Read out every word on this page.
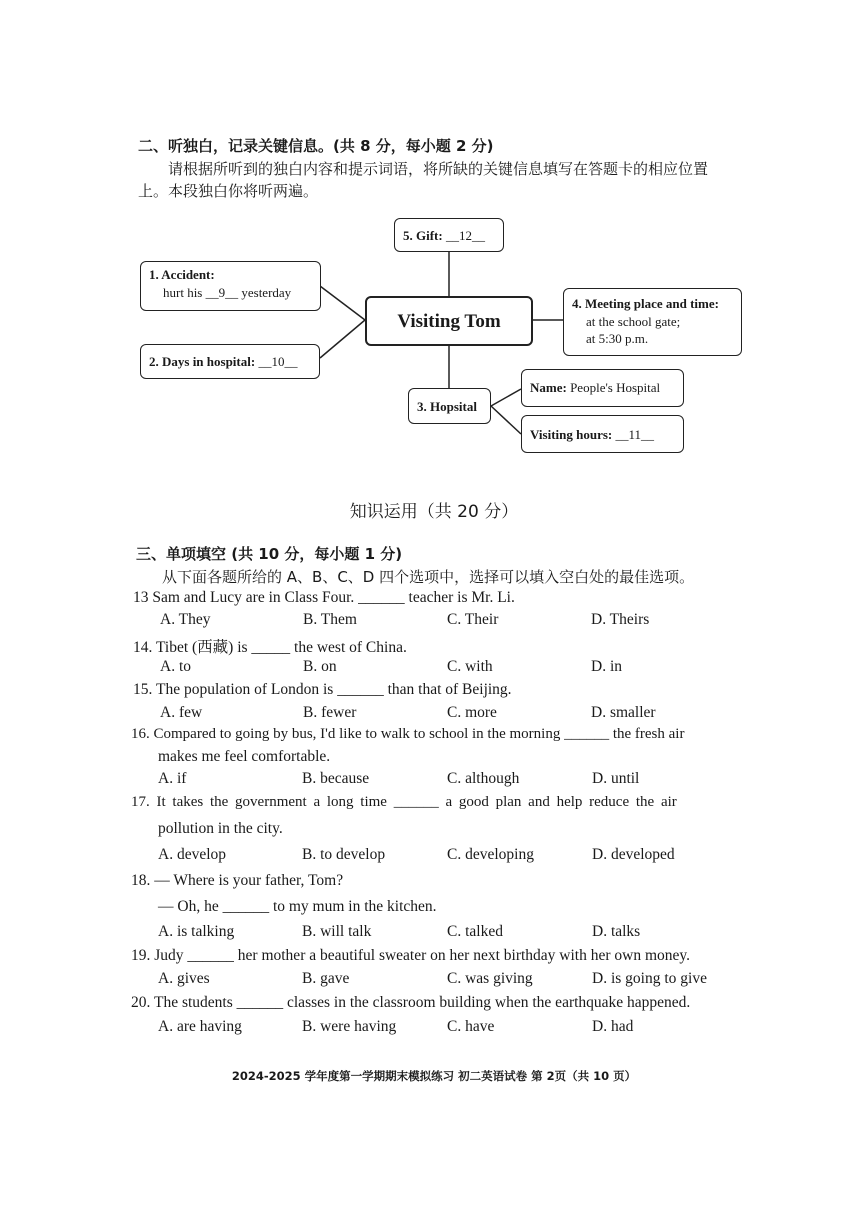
二、听独白，记录关键信息。(共 8 分，每小题 2 分)
请根据所听到的独白内容和提示词语，将所缺的关键信息填写在答题卡的相应位置
上。本段独白你将听两遍。
5. Gift: __12__
1. Accident:
hurt his __9__ yesterday
Visiting Tom
4. Meeting place and time:
at the school gate;
at 5:30 p.m.
2. Days in hospital: __10__
3. Hopsital
Name: People's Hospital
Visiting hours: __11__
知识运用（共 20 分）
三、单项填空 (共 10 分，每小题 1 分)
从下面各题所给的 A、B、C、D 四个选项中，选择可以填入空白处的最佳选项。
13 Sam and Lucy are in Class Four. ______ teacher is Mr. Li.
A. They	B. Them	C. Their	D. Theirs
14. Tibet (西藏) is _____ the west of China.
A. to	B. on	C. with	D. in
15. The population of London is ______ than that of Beijing.
A. few	B. fewer	C. more	D. smaller
16. Compared to going by bus, I'd like to walk to school in the morning ______ the fresh air
makes me feel comfortable.
A. if	B. because	C. although	D. until
17. It takes the government a long time ______ a good plan and help reduce the air
pollution in the city.
A. develop	B. to develop	C. developing	D. developed
18. — Where is your father, Tom?
— Oh, he ______ to my mum in the kitchen.
A. is talking	B. will talk	C. talked	D. talks
19. Judy ______ her mother a beautiful sweater on her next birthday with her own money.
A. gives	B. gave	C. was giving	D. is going to give
20. The students ______ classes in the classroom building when the earthquake happened.
A. are having	B. were having	C. have	D. had
2024-2025 学年度第一学期期末模拟练习 初二英语试卷 第 2页（共 10 页）
